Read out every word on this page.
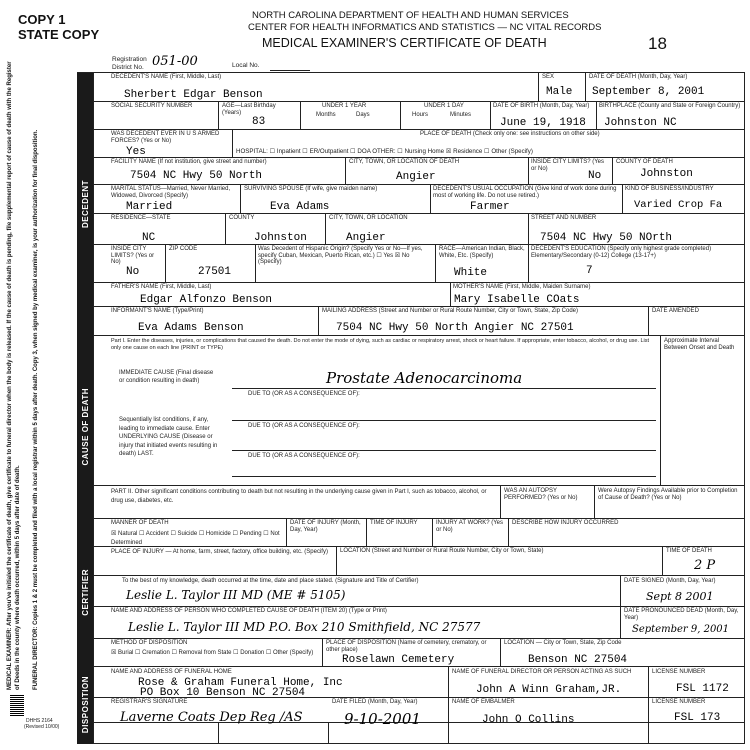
MEDICAL EXAMINER: After you've initialed the certificate of death, give certificate to funeral director when the body is released. If the cause of death is pending, file supplemental report of cause of death with the Register of Deeds in the county where death occurred, within 5 days after date of death. FUNERAL DIRECTOR: Copies 1 & 2 must be completed and filed with a local registrar within 5 days after death. Copy 3, when signed by medical examiner, is your authorization for final disposition.
DHHS 2164
(Revised 10/00)
COPY 1
STATE COPY
NORTH CAROLINA DEPARTMENT OF HEALTH AND HUMAN SERVICES
CENTER FOR HEALTH INFORMATICS AND STATISTICS — NC VITAL RECORDS
MEDICAL EXAMINER'S CERTIFICATE OF DEATH	18
Registration District No. 051-00	Local No.
DECEDENT
CAUSE OF DEATH
CERTIFIER
DISPOSITION
DECEDENT'S NAME (First, Middle, Last)
Sherbert Edgar Benson
SEX
Male
DATE OF DEATH (Month, Day, Year)
September 8, 2001
SOCIAL SECURITY NUMBER	AGE—Last Birthday (Years)
83
UNDER 1 YEAR
Months	Days
UNDER 1 DAY
Hours	Minutes
DATE OF BIRTH (Month, Day, Year)
June 19, 1918
BIRTHPLACE (County and State or Foreign Country)
Johnston NC
WAS DECEDENT EVER IN U S ARMED FORCES? (Yes or No)
Yes
PLACE OF DEATH (Check only one: see instructions on other side)
HOSPITAL: ☐ Inpatient ☐ ER/Outpatient ☐ DOA OTHER: ☐ Nursing Home ☒ Residence ☐ Other (Specify)
FACILITY NAME (If not institution, give street and number)
7504 NC Hwy 50 North
CITY, TOWN, OR LOCATION OF DEATH
Angier
INSIDE CITY LIMITS? (Yes or No)
No
COUNTY OF DEATH
Johnston
MARITAL STATUS—Married, Never Married, Widowed, Divorced (Specify)
Married
SURVIVING SPOUSE (If wife, give maiden name)
Eva Adams
DECEDENT'S USUAL OCCUPATION (Give kind of work done during most of working life. Do not use retired.)
Farmer
KIND OF BUSINESS/INDUSTRY
Varied Crop Fa
RESIDENCE—STATE
NC
COUNTY
Johnston
CITY, TOWN, OR LOCATION
Angier
STREET AND NUMBER
7504 NC Hwy 50 NOrth
INSIDE CITY LIMITS? (Yes or No)
No
ZIP CODE
27501
Was Decedent of Hispanic Origin? (Specify Yes or No—If yes, specify Cuban, Mexican, Puerto Rican, etc.) ☐ Yes ☒ No (Specify)
RACE—American Indian, Black, White, Etc. (Specify)
White
DECEDENT'S EDUCATION (Specify only highest grade completed) Elementary/Secondary (0-12) College (13-17+)
7
FATHER'S NAME (First, Middle, Last)
Edgar Alfonzo Benson
MOTHER'S NAME (First, Middle, Maiden Surname)
Mary Isabelle COats
INFORMANT'S NAME (Type/Print)
Eva Adams Benson
MAILING ADDRESS (Street and Number or Rural Route Number, City or Town, State, Zip Code)
7504 NC Hwy 50 North Angier NC 27501
DATE AMENDED
Part I. Enter the diseases, injuries, or complications that caused the death. Do not enter the mode of dying, such as cardiac or respiratory arrest, shock or heart failure. If appropriate, enter tobacco, alcohol, or drug use. List only one cause on each line (PRINT or TYPE)
Approximate Interval Between Onset and Death
IMMEDIATE CAUSE (Final disease or condition resulting in death)	Prostate Adenocarcinoma
DUE TO (OR AS A CONSEQUENCE OF):
Sequentially list conditions, if any, leading to immediate cause. Enter UNDERLYING CAUSE (Disease or injury that initiated events resulting in death) LAST.
DUE TO (OR AS A CONSEQUENCE OF):
DUE TO (OR AS A CONSEQUENCE OF):
PART II. Other significant conditions contributing to death but not resulting in the underlying cause given in Part I, such as tobacco, alcohol, or drug use, diabetes, etc.
WAS AN AUTOPSY PERFORMED? (Yes or No)
Were Autopsy Findings Available prior to Completion of Cause of Death? (Yes or No)
MANNER OF DEATH
☒ Natural ☐ Accident ☐ Suicide ☐ Homicide ☐ Pending ☐ Not Determined
DATE OF INJURY (Month, Day, Year)
TIME OF INJURY	INJURY AT WORK? (Yes or No)
DESCRIBE HOW INJURY OCCURRED
PLACE OF INJURY — At home, farm, street, factory, office building, etc. (Specify)	LOCATION (Street and Number or Rural Route Number, City or Town, State)	TIME OF DEATH
2 P
To the best of my knowledge, death occurred at the time, date and place stated. (Signature and Title of Certifier)
Leslie L. Taylor III MD (ME # 5105)
DATE SIGNED (Month, Day, Year)
Sept 8 2001
NAME AND ADDRESS OF PERSON WHO COMPLETED CAUSE OF DEATH (ITEM 20) (Type or Print)
Leslie L. Taylor III MD P.O. Box 210 Smithfield, NC 27577
DATE PRONOUNCED DEAD (Month, Day, Year)
September 9, 2001
METHOD OF DISPOSITION
☒ Burial ☐ Cremation ☐ Removal from State ☐ Donation ☐ Other (Specify)
PLACE OF DISPOSITION (Name of cemetery, crematory, or other place)
Roselawn Cemetery
LOCATION — City or Town, State, Zip Code
Benson NC 27504
NAME AND ADDRESS OF FUNERAL HOME
Rose & Graham Funeral Home, Inc
PO Box 10 Benson NC 27504
NAME OF FUNERAL DIRECTOR OR PERSON ACTING AS SUCH
John A Winn Graham,JR.
LICENSE NUMBER
FSL 1172
REGISTRAR'S SIGNATURE
Laverne Coats Dep Reg /AS
DATE FILED (Month, Day, Year)
9-10-2001
NAME OF EMBALMER
John O Collins
LICENSE NUMBER
FSL 173
